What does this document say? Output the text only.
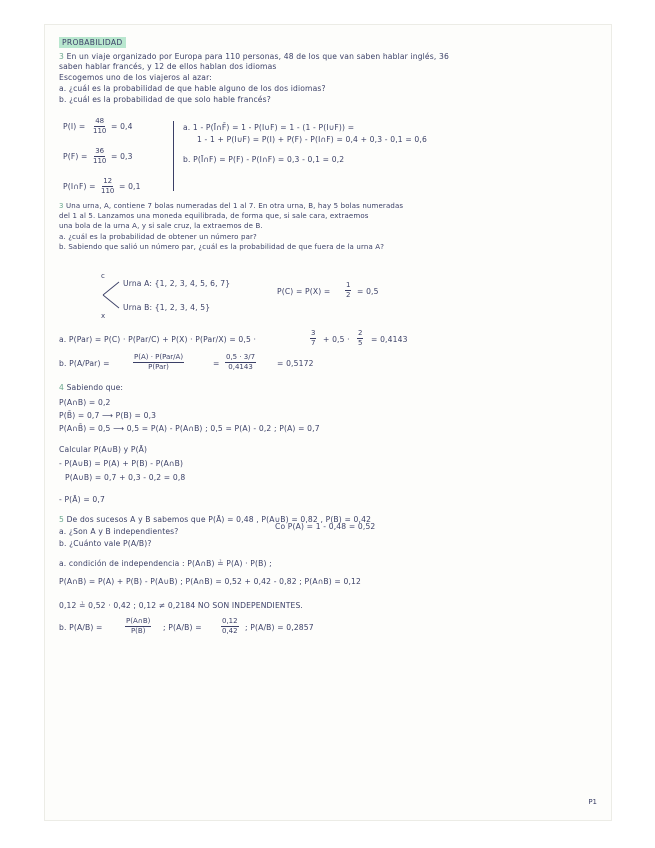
PROBABILIDAD
3 En un viaje organizado por Europa para 110 personas, 48 de los que van saben hablar inglés, 36
saben hablar francés, y 12 de ellos hablan dos idiomas
Escogemos uno de los viajeros al azar:
a. ¿cuál es la probabilidad de que hable alguno de los dos idiomas?
b. ¿cuál es la probabilidad de que solo hable francés?
$P(I) = \frac{48}{110} = 0,4$
$P(F) = \frac{36}{110} = 0,3$
P(I∩F) = $\frac{12}{110} = 0,1$
a. 1 - P(Ī∩F̄) = 1 - P(I∪F) = 1 - (1 - P(I∪F)) =
1 - 1 + P(I∪F) = P(I) + P(F) - P(I∩F) = 0,4 + 0,3 - 0,1 = 0,6
b. P(Ī∩F) = P(F) - P(I∩F) = 0,3 - 0,1 = 0,2
3 Una urna, A, contiene 7 bolas numeradas del 1 al 7. En otra urna, B, hay 5 bolas numeradas
del 1 al 5. Lanzamos una moneda equilibrada, de forma que, si sale cara, extraemos
una bola de la urna A, y si sale cruz, la extraemos de B.
a. ¿cuál es la probabilidad de obtener un número par?
b. Sabiendo que salió un número par, ¿cuál es la probabilidad de que fuera de la urna A?
c
x
Urna A: {1, 2, 3, 4, 5, 6, 7}
Urna B: {1, 2, 3, 4, 5}
$P(C) = P(X) = \frac{1}{2} = 0,5$
a. P(Par) = P(C) · P(Par/C) + P(X) · P(Par/X) = 0,5 ·	$\frac{3}{7} + 0,5 \cdot \frac{2}{5} = 0,4143$
b. P(A/Par) =
P(A) · P(Par/A)
P(Par)	= $\frac{0,5 \cdot 3/7}{0,4143}$	= 0,5172
4 Sabiendo que:
P(A∩B) = 0,2
P(B̄) = 0,7 ⟶ P(B) = 0,3
P(A∩B̄) = 0,5 ⟶ 0,5 = P(A) - P(A∩B) ; 0,5 = P(A) - 0,2 ; P(A) = 0,7
Calcular P(A∪B) y P(Ā)
- P(A∪B) = P(A) + P(B) - P(A∩B)
P(A∪B) = 0,7 + 0,3 - 0,2 = 0,8
- P(Ā) = 0,7
5 De dos sucesos A y B sabemos que P(Ā) = 0,48 , P(A∪B) = 0,82 , P(B) = 0,42
a. ¿Son A y B independientes?
Co P(A) = 1 - 0,48 = 0,52
b. ¿Cuánto vale P(A/B)?
a. condición de independencia : P(A∩B) ≟ P(A) · P(B) ;
P(A∩B) = P(A) + P(B) - P(A∪B) ; P(A∩B) = 0,52 + 0,42 - 0,82 ; P(A∩B) = 0,12
0,12 ≟ 0,52 · 0,42 ; 0,12 ≠ 0,2184 NO SON INDEPENDIENTES.
b. P(A/B) =	$\frac{P(A\cap B)}{P(B)}$ ; P(A/B) =	$\frac{0,12}{0,42}$ ; P(A/B) = 0,2857
P1
